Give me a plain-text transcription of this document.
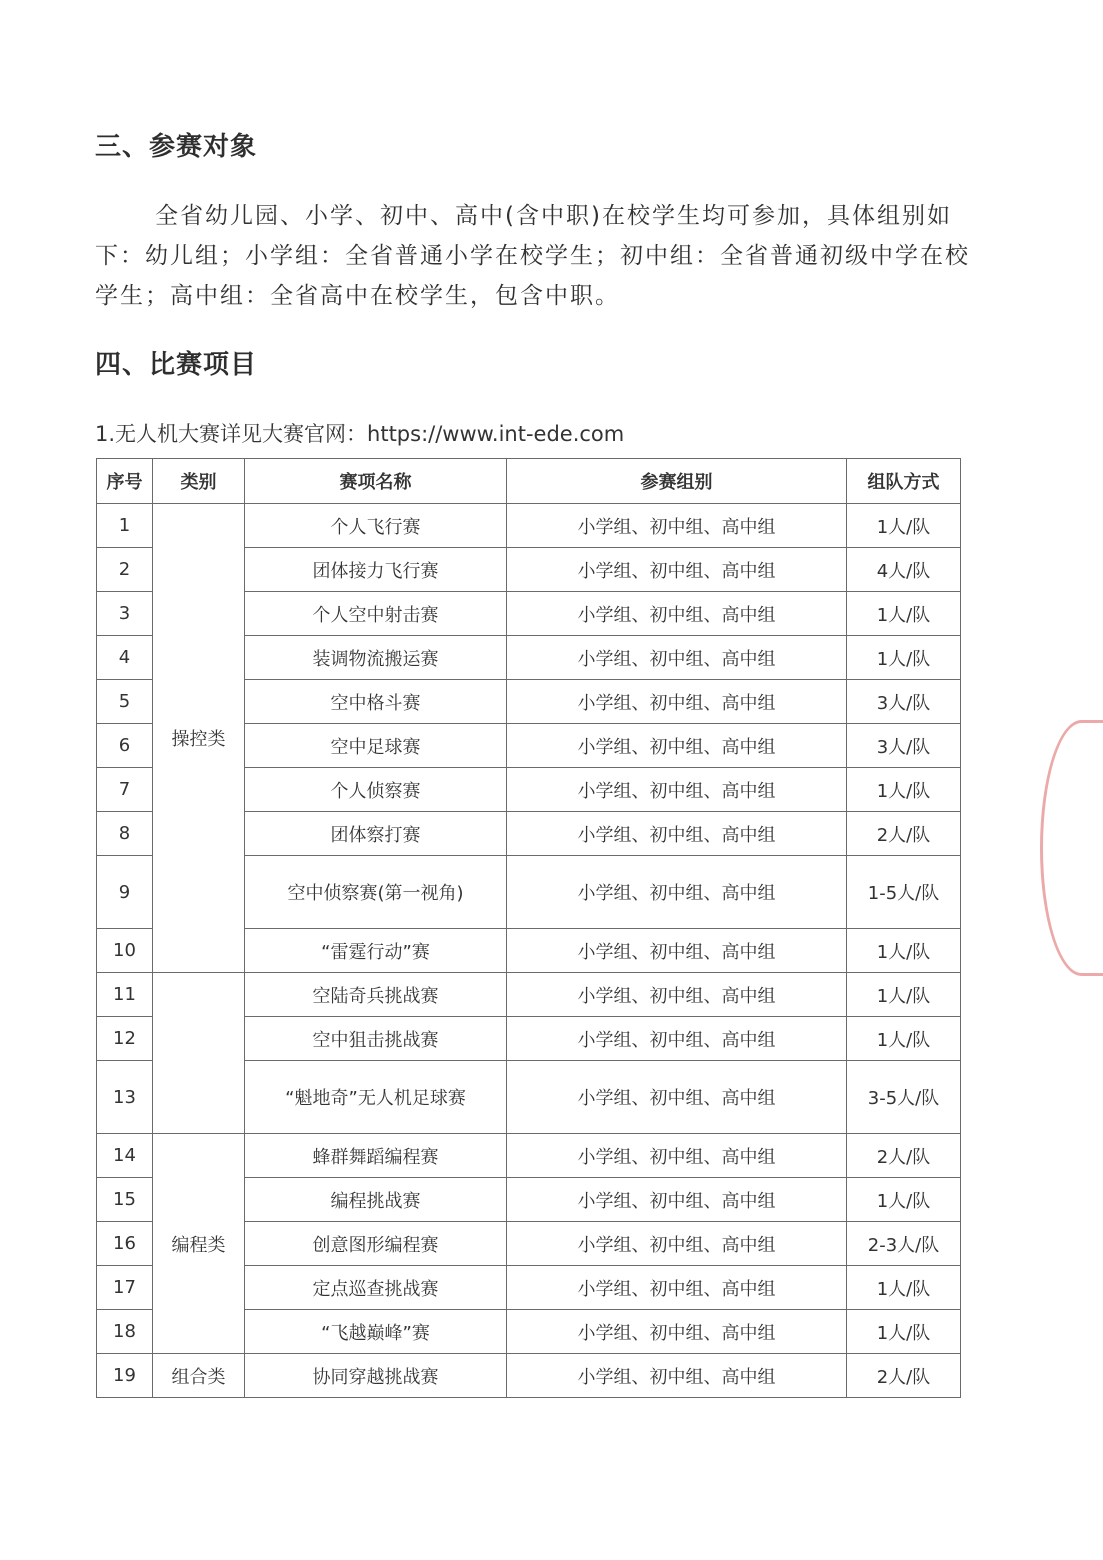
三、参赛对象
全省幼儿园、小学、初中、高中(含中职)在校学生均可参加，具体组别如下：幼儿组；小学组：全省普通小学在校学生；初中组：全省普通初级中学在校学生；高中组：全省高中在校学生，包含中职。
四、比赛项目
1.无人机大赛详见大赛官网：https://www.int-ede.com
序号	类别	赛项名称	参赛组别	组队方式
1	操控类	个人飞行赛	小学组、初中组、高中组	1人/队
2		团体接力飞行赛	小学组、初中组、高中组	4人/队
3		个人空中射击赛	小学组、初中组、高中组	1人/队
4		装调物流搬运赛	小学组、初中组、高中组	1人/队
5		空中格斗赛	小学组、初中组、高中组	3人/队
6		空中足球赛	小学组、初中组、高中组	3人/队
7		个人侦察赛	小学组、初中组、高中组	1人/队
8		团体察打赛	小学组、初中组、高中组	2人/队
9		空中侦察赛(第一视角)	小学组、初中组、高中组	1-5人/队
10		“雷霆行动”赛	小学组、初中组、高中组	1人/队
11		空陆奇兵挑战赛	小学组、初中组、高中组	1人/队
12		空中狙击挑战赛	小学组、初中组、高中组	1人/队
13		“魁地奇”无人机足球赛	小学组、初中组、高中组	3-5人/队
14	编程类	蜂群舞蹈编程赛	小学组、初中组、高中组	2人/队
15		编程挑战赛	小学组、初中组、高中组	1人/队
16		创意图形编程赛	小学组、初中组、高中组	2-3人/队
17		定点巡查挑战赛	小学组、初中组、高中组	1人/队
18		“飞越巅峰”赛	小学组、初中组、高中组	1人/队
19	组合类	协同穿越挑战赛	小学组、初中组、高中组	2人/队
